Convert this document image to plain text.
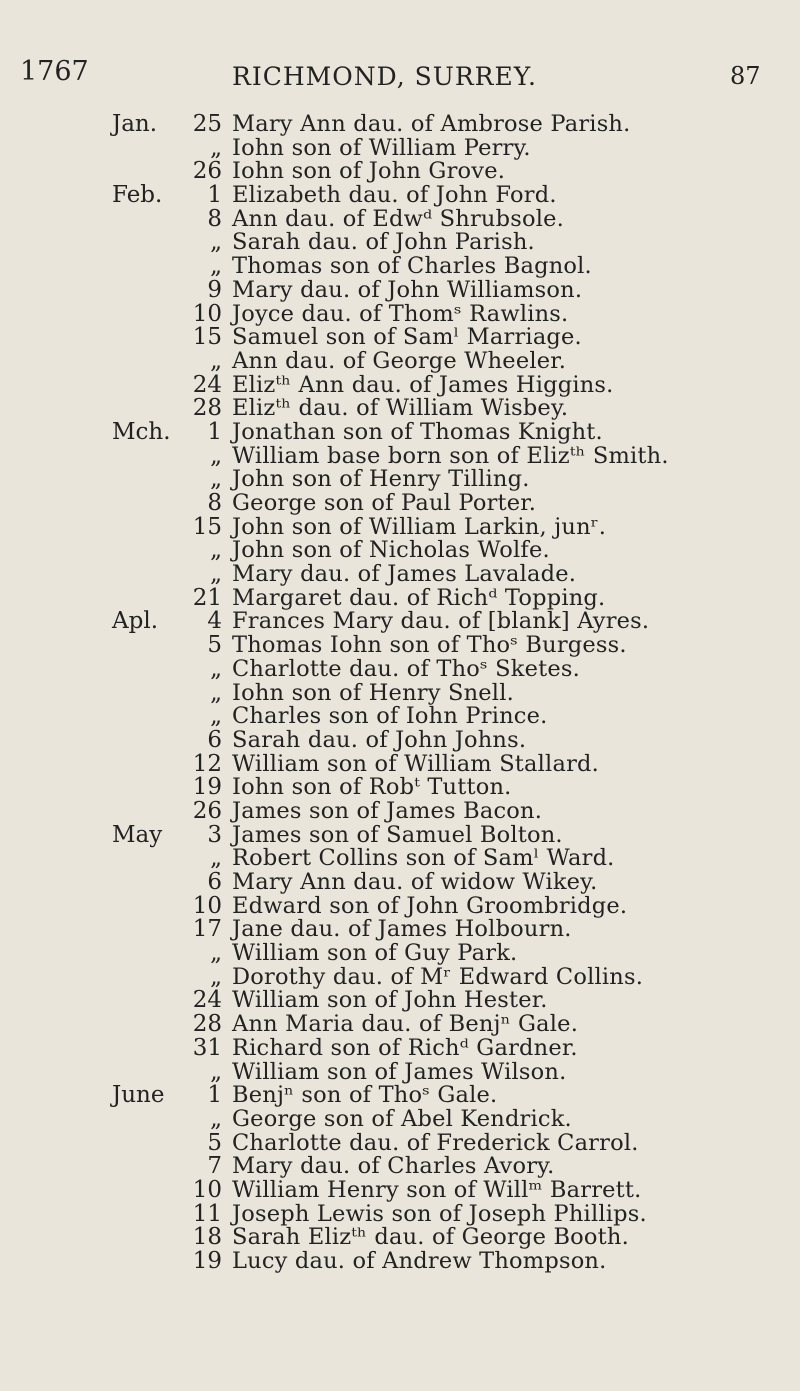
1767	RICHMOND, SURREY.	87
Jan. 25 Mary Ann dau. of Ambrose Parish.
„ Iohn son of William Perry.
26 Iohn son of John Grove.
Feb. 1 Elizabeth dau. of John Ford.
8 Ann dau. of Edwᵈ Shrubsole.
„ Sarah dau. of John Parish.
„ Thomas son of Charles Bagnol.
9 Mary dau. of John Williamson.
10 Joyce dau. of Thomˢ Rawlins.
15 Samuel son of Samˡ Marriage.
„ Ann dau. of George Wheeler.
24 Elizᵗʰ Ann dau. of James Higgins.
28 Elizᵗʰ dau. of William Wisbey.
Mch. 1 Jonathan son of Thomas Knight.
„ William base born son of Elizᵗʰ Smith.
„ John son of Henry Tilling.
8 George son of Paul Porter.
15 John son of William Larkin, junʳ.
„ John son of Nicholas Wolfe.
„ Mary dau. of James Lavalade.
21 Margaret dau. of Richᵈ Topping.
Apl. 4 Frances Mary dau. of [blank] Ayres.
5 Thomas Iohn son of Thoˢ Burgess.
„ Charlotte dau. of Thoˢ Sketes.
„ Iohn son of Henry Snell.
„ Charles son of Iohn Prince.
6 Sarah dau. of John Johns.
12 William son of William Stallard.
19 Iohn son of Robᵗ Tutton.
26 James son of James Bacon.
May 3 James son of Samuel Bolton.
„ Robert Collins son of Samˡ Ward.
6 Mary Ann dau. of widow Wikey.
10 Edward son of John Groombridge.
17 Jane dau. of James Holbourn.
„ William son of Guy Park.
„ Dorothy dau. of Mʳ Edward Collins.
24 William son of John Hester.
28 Ann Maria dau. of Benjⁿ Gale.
31 Richard son of Richᵈ Gardner.
„ William son of James Wilson.
June 1 Benjⁿ son of Thoˢ Gale.
„ George son of Abel Kendrick.
5 Charlotte dau. of Frederick Carrol.
7 Mary dau. of Charles Avory.
10 William Henry son of Willᵐ Barrett.
11 Joseph Lewis son of Joseph Phillips.
18 Sarah Elizᵗʰ dau. of George Booth.
19 Lucy dau. of Andrew Thompson.
